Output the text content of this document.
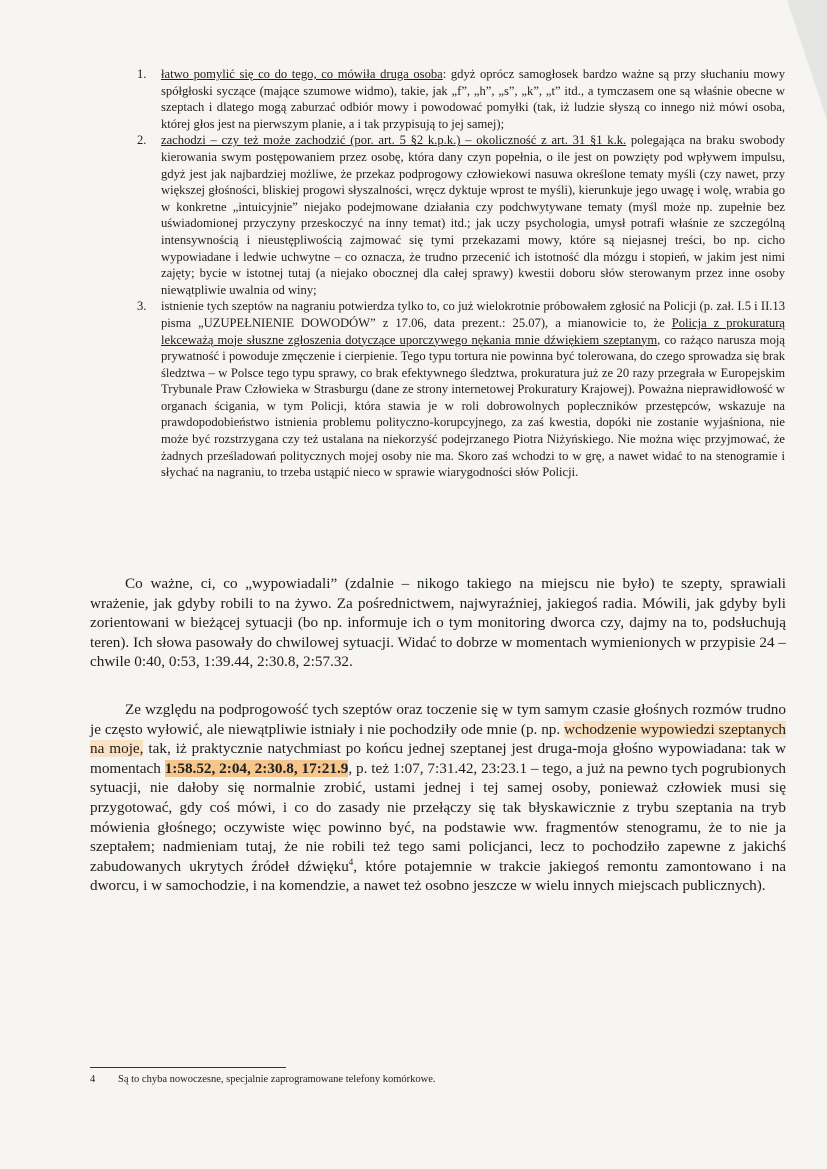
1. łatwo pomylić się co do tego, co mówiła druga osoba: gdyż oprócz samogłosek bardzo ważne są przy słuchaniu mowy spółgłoski syczące (mające szumowe widmo), takie, jak „f”, „h”, „s”, „k”, „t” itd., a tymczasem one są właśnie obecne w szeptach i dlatego mogą zaburzać odbiór mowy i powodować pomyłki (tak, iż ludzie słyszą co innego niż mówi osoba, której głos jest na pierwszym planie, a i tak przypisują to jej samej);
2. zachodzi – czy też może zachodzić (por. art. 5 §2 k.p.k.) – okoliczność z art. 31 §1 k.k. polegająca na braku swobody kierowania swym postępowaniem przez osobę, która dany czyn popełnia, o ile jest on powzięty pod wpływem impulsu, gdyż jest jak najbardziej możliwe, że przekaz podprogowy człowiekowi nasuwa określone tematy myśli (czy nawet, przy większej głośności, bliskiej progowi słyszalności, wręcz dyktuje wprost te myśli), kierunkuje jego uwagę i wolę, wrabia go w konkretne „intuicyjnie” niejako podejmowane działania czy podchwytywane tematy (myśl może np. zupełnie bez uświadomionej przyczyny przeskoczyć na inny temat) itd.; jak uczy psychologia, umysł potrafi właśnie ze szczególną intensywnością i nieustępliwością zajmować się tymi przekazami mowy, które są niejasnej treści, bo np. cicho wypowiadane i ledwie uchwytne – co oznacza, że trudno przecenić ich istotność dla mózgu i stopień, w jakim jest nimi zajęty; bycie w istotnej tutaj (a niejako obocznej dla całej sprawy) kwestii doboru słów sterowanym przez inne osoby niewątpliwie uwalnia od winy;
3. istnienie tych szeptów na nagraniu potwierdza tylko to, co już wielokrotnie próbowałem zgłosić na Policji (p. zał. I.5 i II.13 pisma „UZUPEŁNIENIE DOWODÓW” z 17.06, data prezent.: 25.07), a mianowicie to, że Policja z prokuraturą lekceważą moje słuszne zgłoszenia dotyczące uporczywego nękania mnie dźwiękiem szeptanym, co rażąco narusza moją prywatność i powoduje zmęczenie i cierpienie. Tego typu tortura nie powinna być tolerowana, do czego sprowadza się brak śledztwa – w Polsce tego typu sprawy, co brak efektywnego śledztwa, prokuratura już ze 20 razy przegrała w Europejskim Trybunale Praw Człowieka w Strasburgu (dane ze strony internetowej Prokuratury Krajowej). Poważna nieprawidłowość w organach ścigania, w tym Policji, która stawia je w roli dobrowolnych popleczników przestępców, wskazuje na prawdopodobieństwo istnienia problemu polityczno-korupcyjnego, za zaś kwestia, dopóki nie zostanie wyjaśniona, nie może być rozstrzygana czy też ustalana na niekorzyść podejrzanego Piotra Niżyńskiego. Nie można więc przyjmować, że żadnych prześladowań politycznych mojej osoby nie ma. Skoro zaś wchodzi to w grę, a nawet widać to na stenogramie i słychać na nagraniu, to trzeba ustąpić nieco w sprawie wiarygodności słów Policji.

Co ważne, ci, co „wypowiadali” (zdalnie – nikogo takiego na miejscu nie było) te szepty, sprawiali wrażenie, jak gdyby robili to na żywo. Za pośrednictwem, najwyraźniej, jakiegoś radia. Mówili, jak gdyby byli zorientowani w bieżącej sytuacji (bo np. informuje ich o tym monitoring dworca czy, dajmy na to, podsłuchują teren). Ich słowa pasowały do chwilowej sytuacji. Widać to dobrze w momentach wymienionych w przypisie 24 – chwile 0:40, 0:53, 1:39.44, 2:30.8, 2:57.32.

Ze względu na podprogowość tych szeptów oraz toczenie się w tym samym czasie głośnych rozmów trudno je często wyłowić, ale niewątpliwie istniały i nie pochodziły ode mnie (p. np. wchodzenie wypowiedzi szeptanych na moje, tak, iż praktycznie natychmiast po końcu jednej szeptanej jest druga-moja głośno wypowiadana: tak w momentach 1:58.52, 2:04, 2:30.8, 17:21.9, p. też 1:07, 7:31.42, 23:23.1 – tego, a już na pewno tych pogrubionych sytuacji, nie dałoby się normalnie zrobić, ustami jednej i tej samej osoby, ponieważ człowiek musi się przygotować, gdy coś mówi, i co do zasady nie przełączy się tak błyskawicznie z trybu szeptania na tryb mówienia głośnego; oczywiste więc powinno być, na podstawie ww. fragmentów stenogramu, że to nie ja szeptałem; nadmieniam tutaj, że nie robili też tego sami policjanci, lecz to pochodziło zapewne z jakichś zabudowanych ukrytych źródeł dźwięku$^4$, które potajemnie w trakcie jakiegoś remontu zamontowano i na dworcu, i w samochodzie, i na komendzie, a nawet też osobno jeszcze w wielu innych miejscach publicznych).

4 Są to chyba nowoczesne, specjalnie zaprogramowane telefony komórkowe.
